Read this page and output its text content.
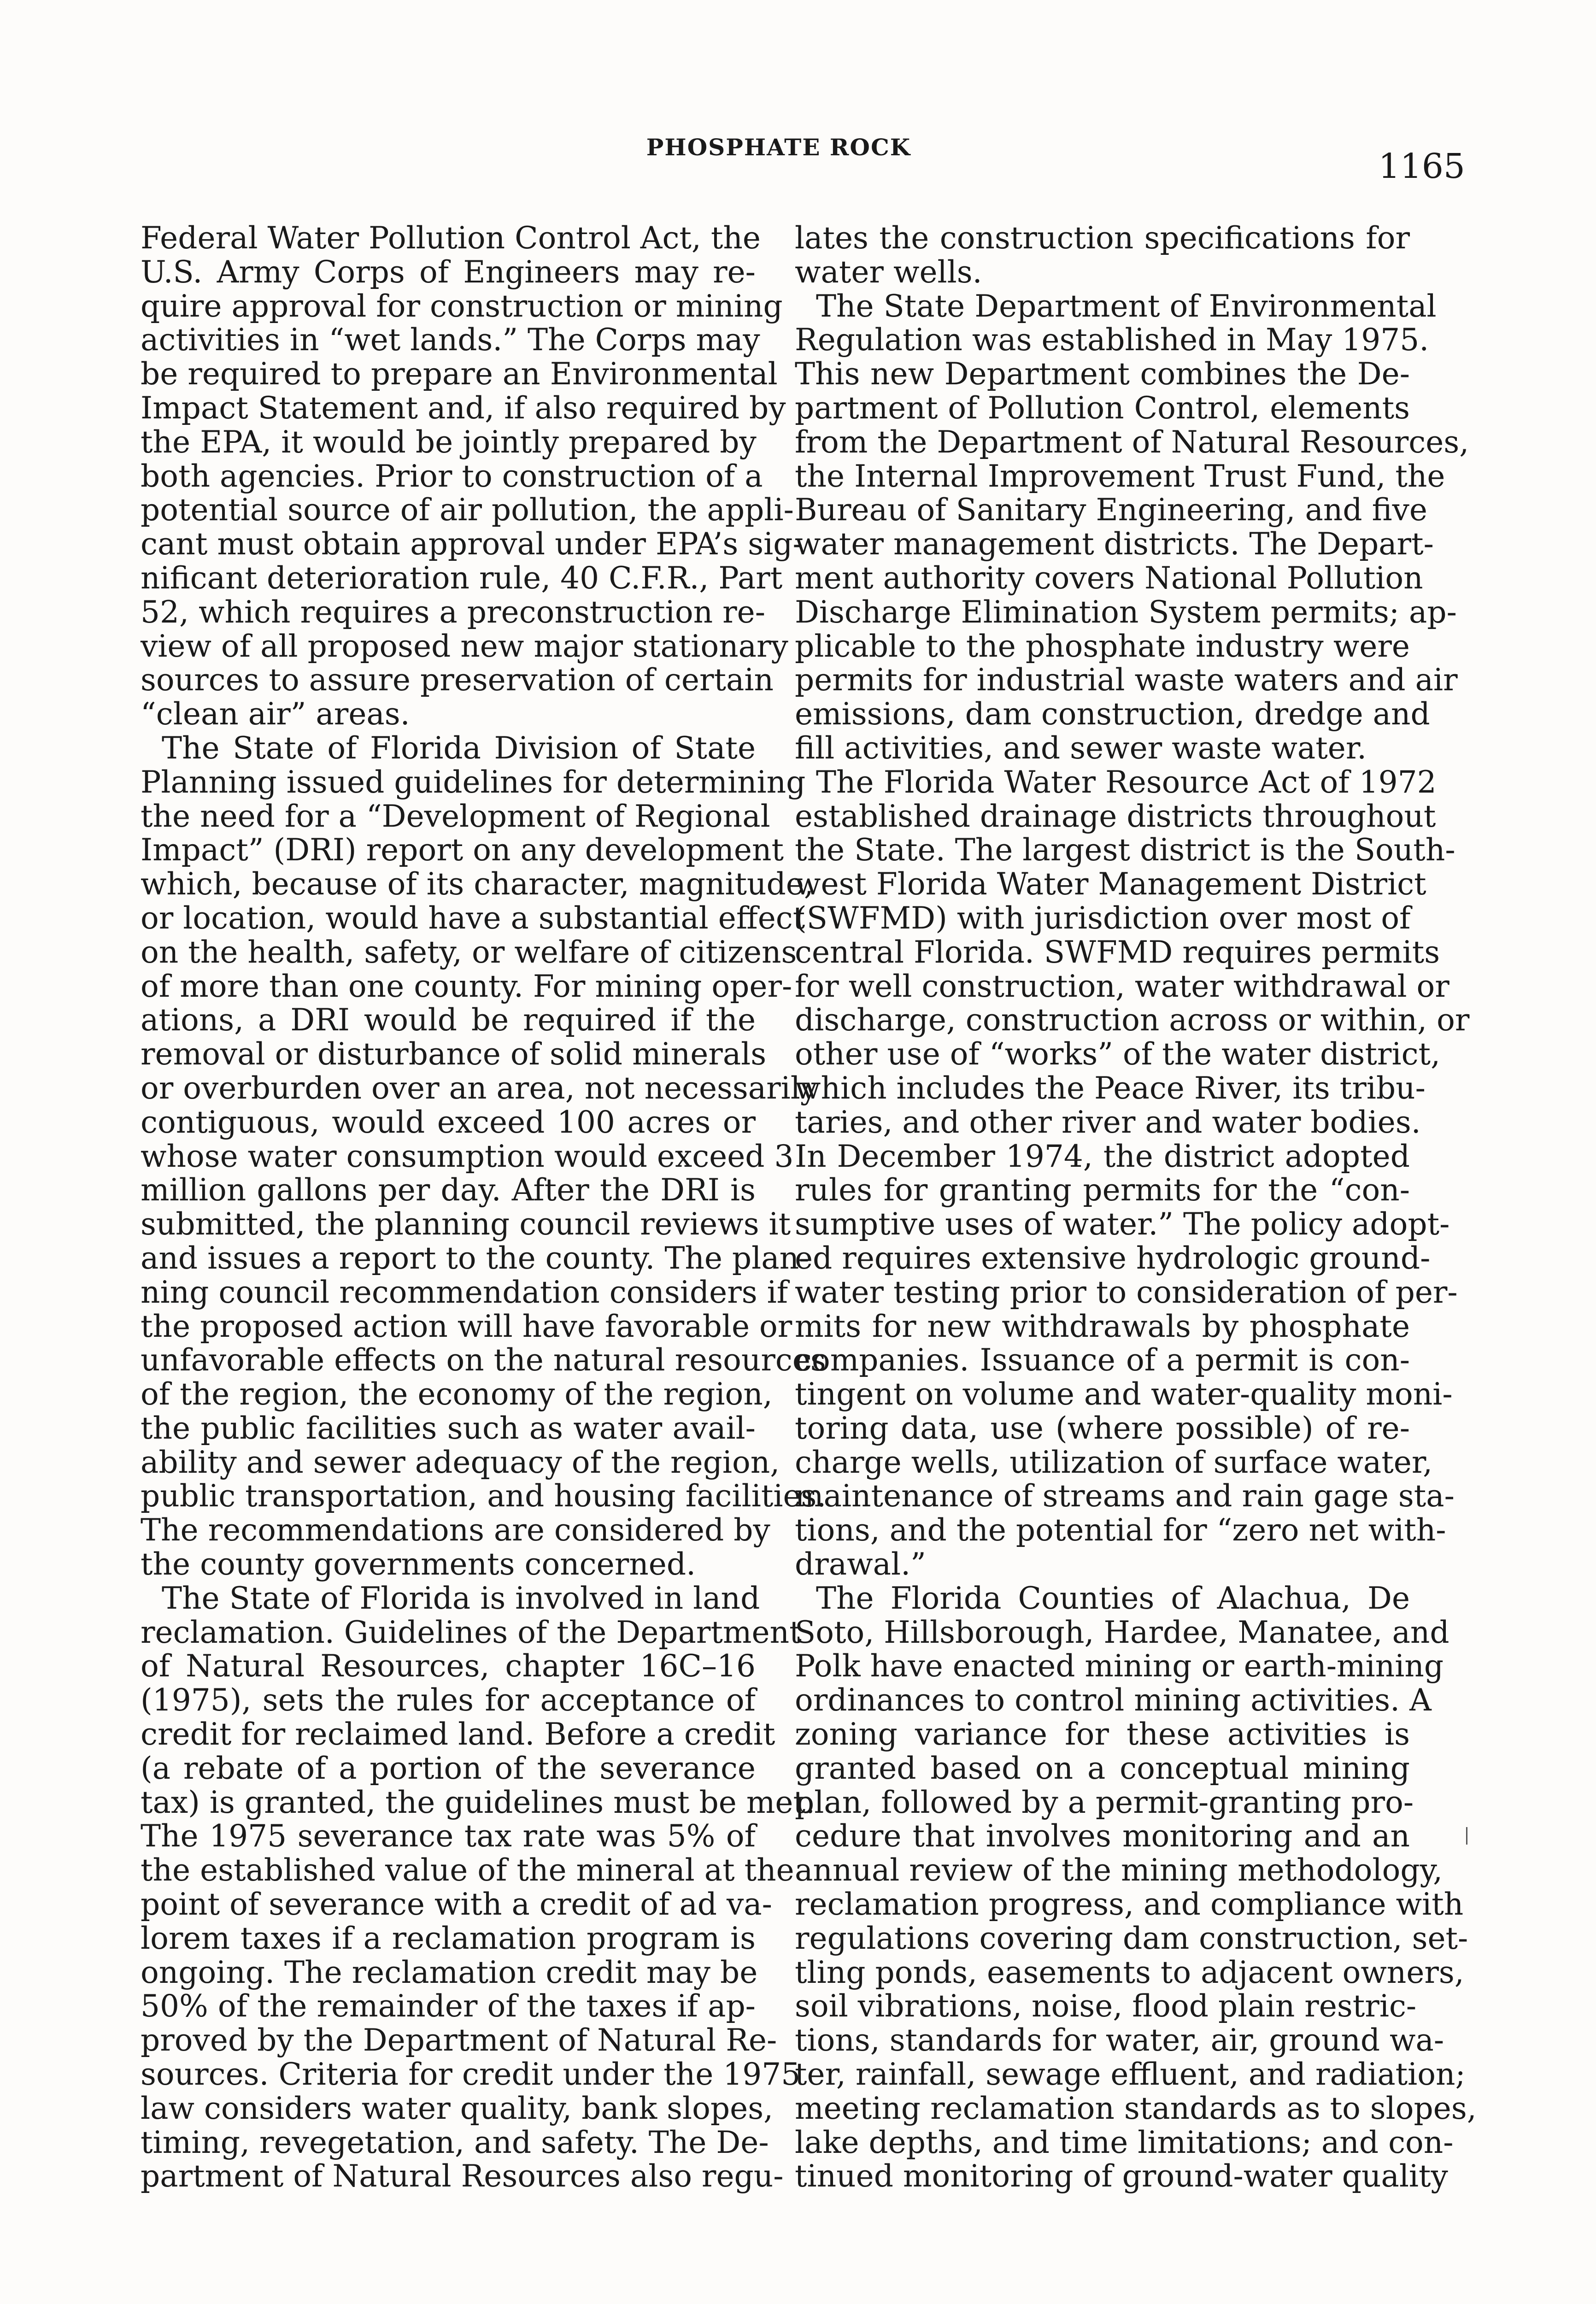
PHOSPHATE ROCK	1165
Federal Water Pollution Control Act, the
U.S. Army Corps of Engineers may re-
quire approval for construction or mining
activities in “wet lands.” The Corps may
be required to prepare an Environmental
Impact Statement and, if also required by
the EPA, it would be jointly prepared by
both agencies. Prior to construction of a
potential source of air pollution, the appli-
cant must obtain approval under EPA’s sig-
nificant deterioration rule, 40 C.F.R., Part
52, which requires a preconstruction re-
view of all proposed new major stationary
sources to assure preservation of certain
“clean air” areas.
The State of Florida Division of State
Planning issued guidelines for determining
the need for a “Development of Regional
Impact” (DRI) report on any development
which, because of its character, magnitude,
or location, would have a substantial effect
on the health, safety, or welfare of citizens
of more than one county. For mining oper-
ations, a DRI would be required if the
removal or disturbance of solid minerals
or overburden over an area, not necessarily
contiguous, would exceed 100 acres or
whose water consumption would exceed 3
million gallons per day. After the DRI is
submitted, the planning council reviews it
and issues a report to the county. The plan-
ning council recommendation considers if
the proposed action will have favorable or
unfavorable effects on the natural resources
of the region, the economy of the region,
the public facilities such as water avail-
ability and sewer adequacy of the region,
public transportation, and housing facilities.
The recommendations are considered by
the county governments concerned.
The State of Florida is involved in land
reclamation. Guidelines of the Department
of Natural Resources, chapter 16C–16
(1975), sets the rules for acceptance of
credit for reclaimed land. Before a credit
(a rebate of a portion of the severance
tax) is granted, the guidelines must be met.
The 1975 severance tax rate was 5% of
the established value of the mineral at the
point of severance with a credit of ad va-
lorem taxes if a reclamation program is
ongoing. The reclamation credit may be
50% of the remainder of the taxes if ap-
proved by the Department of Natural Re-
sources. Criteria for credit under the 1975
law considers water quality, bank slopes,
timing, revegetation, and safety. The De-
partment of Natural Resources also regu-
lates the construction specifications for
water wells.
The State Department of Environmental
Regulation was established in May 1975.
This new Department combines the De-
partment of Pollution Control, elements
from the Department of Natural Resources,
the Internal Improvement Trust Fund, the
Bureau of Sanitary Engineering, and five
water management districts. The Depart-
ment authority covers National Pollution
Discharge Elimination System permits; ap-
plicable to the phosphate industry were
permits for industrial waste waters and air
emissions, dam construction, dredge and
fill activities, and sewer waste water.
The Florida Water Resource Act of 1972
established drainage districts throughout
the State. The largest district is the South-
west Florida Water Management District
(SWFMD) with jurisdiction over most of
central Florida. SWFMD requires permits
for well construction, water withdrawal or
discharge, construction across or within, or
other use of “works” of the water district,
which includes the Peace River, its tribu-
taries, and other river and water bodies.
In December 1974, the district adopted
rules for granting permits for the “con-
sumptive uses of water.” The policy adopt-
ed requires extensive hydrologic ground-
water testing prior to consideration of per-
mits for new withdrawals by phosphate
companies. Issuance of a permit is con-
tingent on volume and water-quality moni-
toring data, use (where possible) of re-
charge wells, utilization of surface water,
maintenance of streams and rain gage sta-
tions, and the potential for “zero net with-
drawal.”
The Florida Counties of Alachua, De
Soto, Hillsborough, Hardee, Manatee, and
Polk have enacted mining or earth-mining
ordinances to control mining activities. A
zoning variance for these activities is
granted based on a conceptual mining
plan, followed by a permit-granting pro-
cedure that involves monitoring and an
annual review of the mining methodology,
reclamation progress, and compliance with
regulations covering dam construction, set-
tling ponds, easements to adjacent owners,
soil vibrations, noise, flood plain restric-
tions, standards for water, air, ground wa-
ter, rainfall, sewage effluent, and radiation;
meeting reclamation standards as to slopes,
lake depths, and time limitations; and con-
tinued monitoring of ground-water quality
